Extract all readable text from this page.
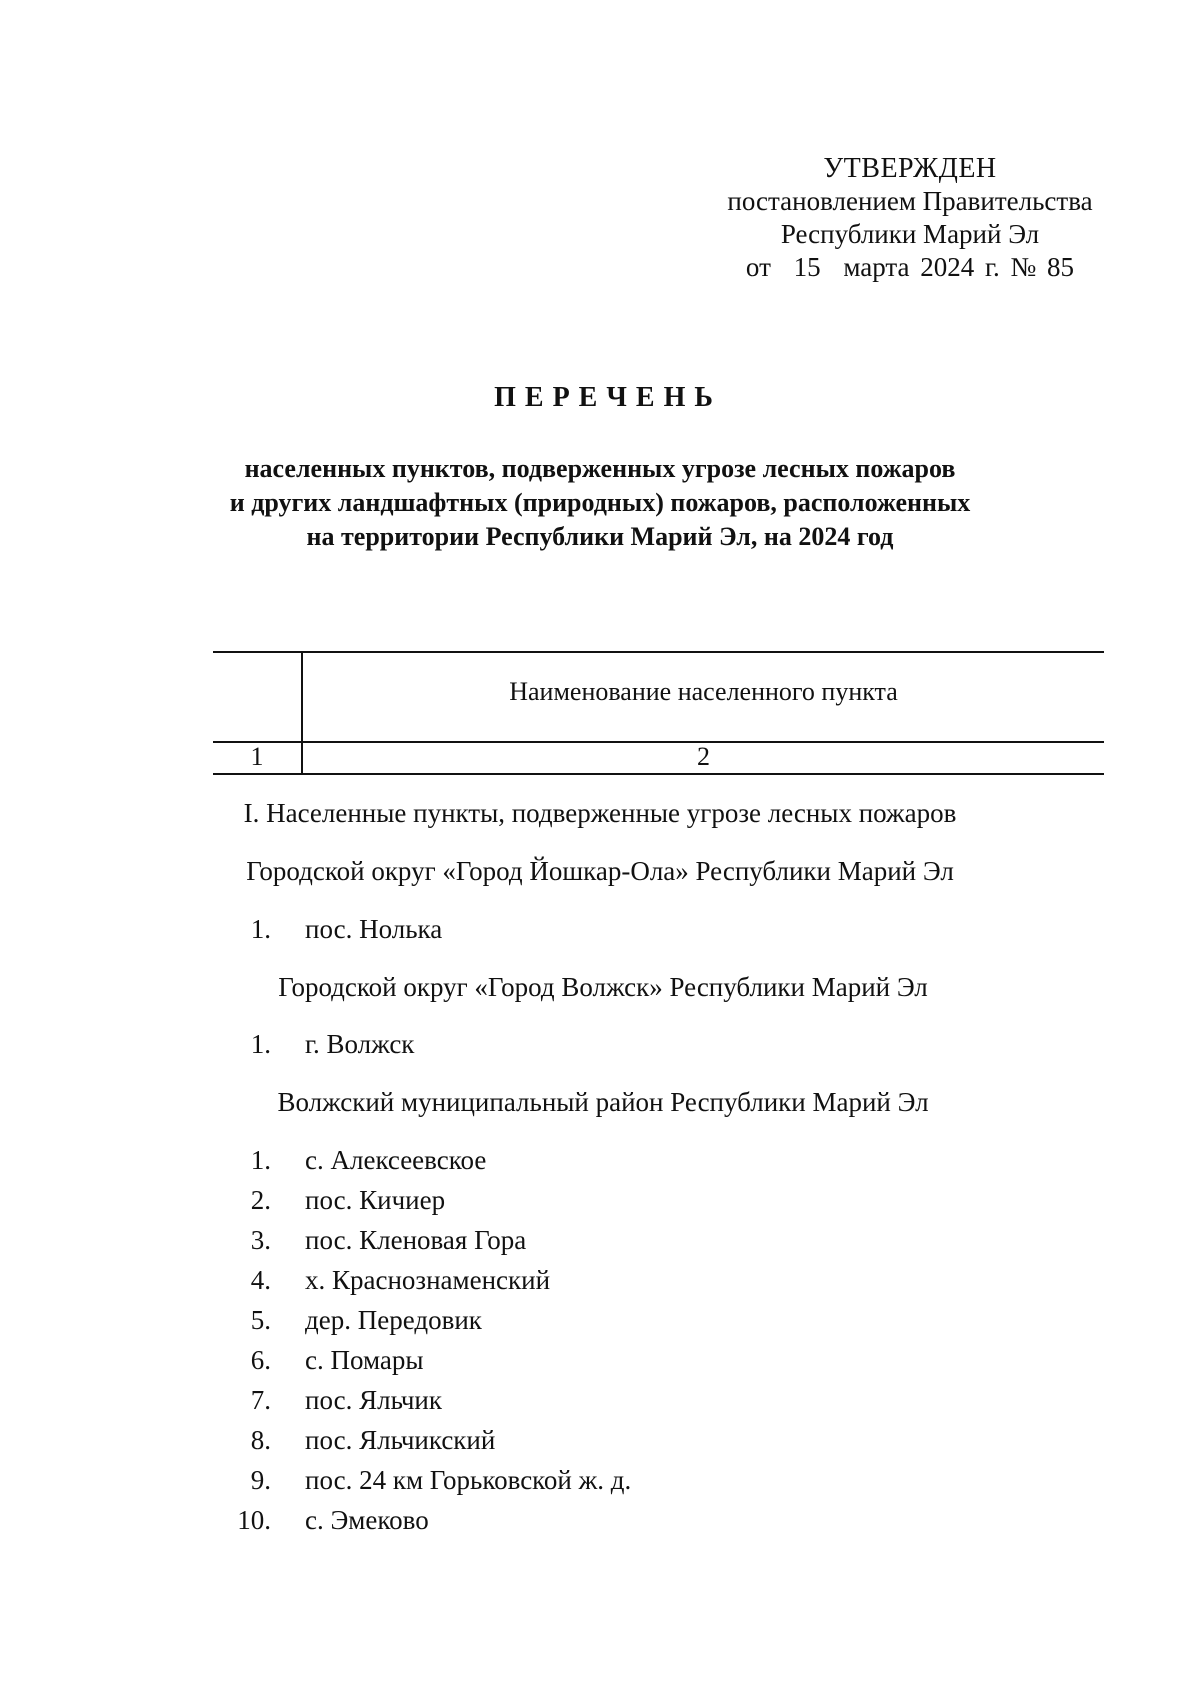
УТВЕРЖДЕН
постановлением Правительства
Республики Марий Эл
от 15 марта 2024 г. № 85
ПЕРЕЧЕНЬ
населенных пунктов, подверженных угрозе лесных пожаров
и других ландшафтных (природных) пожаров, расположенных
на территории Республики Марий Эл, на 2024 год
Наименование населенного пункта
1	2
I. Населенные пункты, подверженные угрозе лесных пожаров
Городской округ «Город Йошкар-Ола» Республики Марий Эл
1. пос. Нолька
Городской округ «Город Волжск» Республики Марий Эл
1. г. Волжск
Волжский муниципальный район Республики Марий Эл
1. с. Алексеевское
2. пос. Кичиер
3. пос. Кленовая Гора
4. х. Краснознаменский
5. дер. Передовик
6. с. Помары
7. пос. Яльчик
8. пос. Яльчикский
9. пос. 24 км Горьковской ж. д.
10. с. Эмеково
